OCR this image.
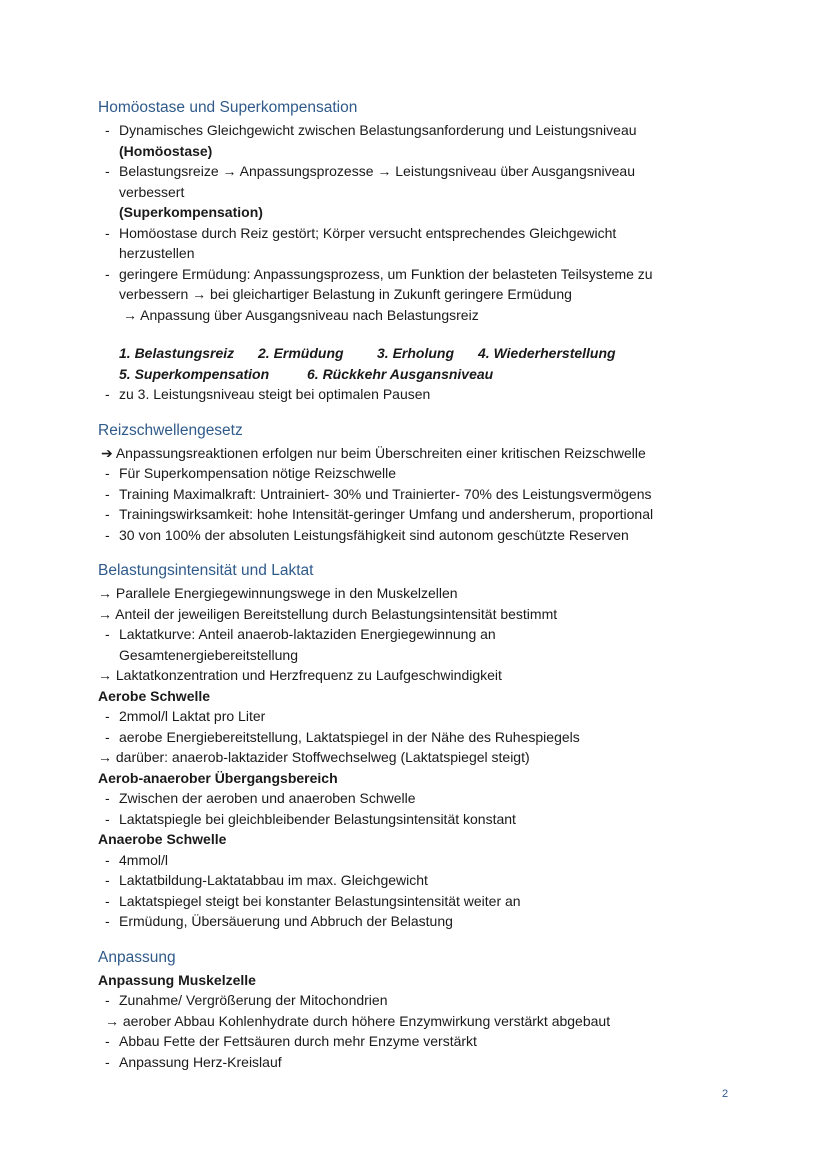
Homöostase und Superkompensation
- Dynamisches Gleichgewicht zwischen Belastungsanforderung und Leistungsniveau
(Homöostase)
- Belastungsreize → Anpassungsprozesse → Leistungsniveau über Ausgangsniveau
verbessert
(Superkompensation)
- Homöostase durch Reiz gestört; Körper versucht entsprechendes Gleichgewicht
herzustellen
- geringere Ermüdung: Anpassungsprozess, um Funktion der belasteten Teilsysteme zu
verbessern → bei gleichartiger Belastung in Zukunft geringere Ermüdung
→ Anpassung über Ausgangsniveau nach Belastungsreiz
1. Belastungsreiz 2. Ermüdung 3. Erholung 4. Wiederherstellung
5. Superkompensation	6. Rückkehr Ausgansniveau
- zu 3. Leistungsniveau steigt bei optimalen Pausen
Reizschwellengesetz
➔ Anpassungsreaktionen erfolgen nur beim Überschreiten einer kritischen Reizschwelle
- Für Superkompensation nötige Reizschwelle
- Training Maximalkraft: Untrainiert- 30% und Trainierter- 70% des Leistungsvermögens
- Trainingswirksamkeit: hohe Intensität-geringer Umfang und andersherum, proportional
- 30 von 100% der absoluten Leistungsfähigkeit sind autonom geschützte Reserven
Belastungsintensität und Laktat
→ Parallele Energiegewinnungswege in den Muskelzellen
→ Anteil der jeweiligen Bereitstellung durch Belastungsintensität bestimmt
- Laktatkurve: Anteil anaerob-laktaziden Energiegewinnung an
Gesamtenergiebereitstellung
→ Laktatkonzentration und Herzfrequenz zu Laufgeschwindigkeit
Aerobe Schwelle
- 2mmol/l Laktat pro Liter
- aerobe Energiebereitstellung, Laktatspiegel in der Nähe des Ruhespiegels
→ darüber: anaerob-laktazider Stoffwechselweg (Laktatspiegel steigt)
Aerob-anaerober Übergangsbereich
- Zwischen der aeroben und anaeroben Schwelle
- Laktatspiegle bei gleichbleibender Belastungsintensität konstant
Anaerobe Schwelle
- 4mmol/l
- Laktatbildung-Laktatabbau im max. Gleichgewicht
- Laktatspiegel steigt bei konstanter Belastungsintensität weiter an
- Ermüdung, Übersäuerung und Abbruch der Belastung
Anpassung
Anpassung Muskelzelle
- Zunahme/ Vergrößerung der Mitochondrien
→ aerober Abbau Kohlenhydrate durch höhere Enzymwirkung verstärkt abgebaut
- Abbau Fette der Fettsäuren durch mehr Enzyme verstärkt
- Anpassung Herz-Kreislauf
2
